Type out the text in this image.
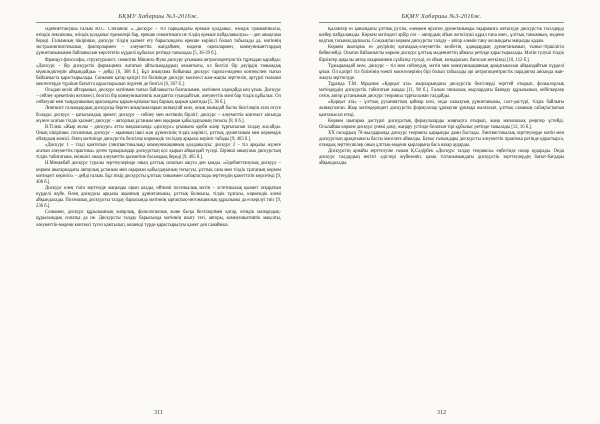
БҚМУ Хабаршы №3-2016ж.

Әдебиеттанушы ғалым Ю.С. Степанов: «...дискурс – тіл парқындағы ерекше қолданыс, өзіндік грамматикасы, өзіндік лексиконы, өзіндік қолданыс ережелері бар, ерекше семантикаға ие тілдің ерекше пайдаланылуы» – деп анықтама береді. Ғалымның пікірінше, дискурс тілдің қызмет ету барысындағы ерекше көрінісі болып табылады да, мәтіннің экстралингвистикалық факторлармен – әлеуметтік жағдаймен, мәдени оқиғалармен, коммуниканттардың дүниетанымымен байланысын көрсететін күрделі құбылыс ретінде танылады [5, 36-39 б.].

Француз философы, структуралист, семиотик Мишель Фуко дискурс ұғымына антропоцентристік тұрғыдан қарайды: «Дискурс – бір дискурстік формацияға жататын айтылымдардың жиынтығы, ол белгілі бір дәуірдің танымдық мүмкіндіктерін айқындайды» – дейді [6, 368 б.]. Бұл анықтама бойынша дискурс тарихи-мәдени контекспен тығыз байланыста қарастырылады. Сонымен қатар қазіргі тіл білімінде дискурс мәселесі жан-жақты зерттеліп, әртүрлі ғылыми мектептерде түрліше бағытта қарастырылып жүргені де белгілі [6, 367 б.].

Осыдан келіп айтарымыз, дискурс мәтінмен тығыз байланысты болғанымен, мәтіннен әлдеқайда кең ұғым. Дискурс – сөйлеу әрекетінің нәтижесі, белгілі бір коммуникативтік жағдаятта туындайтын, әлеуметтік мәні бар тілдік құбылыс. Ол сөйлеуші мен тыңдаушының арасындағы қарым-қатынастың барлық қырын қамтиды [5, 36 б.].

Лингвист ғалымдардың дискурсқа берген анықтамаларын жинақтай келе, оның мынадай басты белгілерін атап өтуге болады: дискурс – қатысымдық әрекет; дискурс – сөйлеу мен мәтіннің бірлігі; дискурс – әлеуметтік контекст аясында жүзеге асатын тілдік қызмет; дискурс – авторлық ұстаным мен оқырман қабылдауының тоғысы [8, 8 б.].

В.Тілеш «Жыр жолы – дискурс» атты мақаласында «дискурс» ұғымына әдеби жанр тұрғысынан талдау жасайды. Оның пікірінше, поэзиялық дискурс – ақынның ішкі жан дүниесінің тілдік көрінісі, ұлттық дүниетаным мен көркемдік ойлаудың жемісі. Өлең мәтінінде дискурстік белгілер көркемдік тәсілдер арқылы көрініс табады [9, 403 б.].

«Дискурс 1 – тілді қамтитын (лингвистикалық) коммуникацияның қолданылуы; дискурс 2 – тіл арқылы жүзеге асатын әлеуметтік практика» деген тұжырымдар дискурстың қос қырын айқындай түседі. Бірінші анықтама дискурстың тілдік табиғатына, екіншісі оның әлеуметтік қызметіне басымдық береді [9, 405 б.].

Н.Мөңкебай дискурс туралы зерттеулерінде оның ұлттық сипатын ашуға ден қояды. «Әдебиеттанулық дискурс – көркем шығармадағы авторлық ұстаным мен оқырман қабылдауының тоғысуы, ұлттық сана мен тілдік тұлғаның көркем мәтіндегі көрінісі» – дейді ғалым. Бұл пікір дискурсты ұлттық таныммен сабақтастыра зерттеудің қажеттігін көрсетеді [9, 406 б.].

Дискурс өлең тілін зерттеуде маңызды орын алады, өйткені поэтикалық мәтін – эстетикалық қызмет атқаратын күрделі жүйе. Өлең дискурсы арқылы ақынның дүниетанымы, ұлттық болмысы, тілдік тұлғасы, көркемдік әлемі айқындалады. Поэзиялық дискурсты талдау барысында мәтіннің ырғақтық-интонациялық құрылымы да ескерілуі тиіс [9, 236 б.].

Сонымен, дискурс құрылымның жанрлық, фонологиялық және басқа белгілерімен қатар, өзіндік мазмұндық-құрылымдық сипатқа да ие. Дискурсты талдау барысында мәтіннің шығу тегі, авторы, коммуникативтік мақсаты, әлеуметтік-мәдени контексі түгел қамтылып, кешенді түрде қарастырылуы қажет деп санаймыз.

311
БҚМУ Хабаршы №3-2016ж.

Қаламгер өз қанындағы ұлттық рухты, өлеңмен өрілген дүниетанымды оқырманға жеткізуде дискурстік тәсілдерді шебер пайдаланады. Көркем мәтіндегі әрбір сөз – автордың ойын жеткізуші құрал ғана емес, ұлттық танымның, мәдени кодтың тасымалдаушысы. Сондықтан көркем дискурсты талдау – автор әлемін тану жолындағы маңызды қадам.

Көркем шығарма өз дәуірінің қоғамдық-әлеуметтік келбетін, адамдардың дүниетанымын, тыныс-тіршілігін бейнелейді. Осыған байланысты көркем дискурс ұлттық мәдениеттің айнасы ретінде қарастырылады. Мәтін түзуші тілдік бірліктер арқылы автор оқырманмен сұхбатқа түседі, өз ойын, көзқарасын, бағасын жеткізеді [10, 112 б.].

Тұжырымдай келе, дискурс – тіл мен сөйлеудің, мәтін мен коммуникацияның арақатынасын айқындайтын күрделі ұғым. Ол қазіргі тіл білімінің өзекті мәселелерінің бірі болып табылады әрі антропоцентристік парадигма аясында жан-жақты зерттелуде.

Тұранда Т.М. Мұқанов «Қорқыт ата» жырларындағы дискурстік белгілерді зерттей отырып, фольклорлық мәтіндердің дискурстік табиғатын ашады [11, 98 б.]. Ғалым эпикалық жырлардағы баяндау құрылымын, кейіпкерлер сөзін, автор ұстанымын дискурс теориясы тұрғысынан талдайды.

«Қорқыт ата» – ұлттық руханияттың қайнар көзі, онда халықтың дүниетанымы, салт-дәстүрі, тілдік байлығы жинақталған. Жыр мәтіндеріндегі дискурстік формулалар ұрпақтан ұрпаққа жалғасып, ұлттық сананың сабақтастығын қамтамасыз етеді.

Көркем шығарма дәстүрлі дискурстық формулаларды жаңғырта отырып, жаңа мағыналық реңктер үстейді. Осылайша көркем дискурс үнемі даму, жаңару үстінде болатын тірі құбылыс ретінде танылады [12, 16 б.].

ХХ ғасырдың 70-жылдарында дискурс теориясы қарқынды дами бастады. Лингвистикалық зерттеулерде мәтін мен дискурстың арақатынасы басты мәселеге айналды. Батыс ғалымдары дискурсты әлеуметтік практика ретінде қарастырса, отандық зерттеушілер оның ұлттық-мәдени қырларына баса назар аударды.

Дискурстің арнайы зерттелуіне ғалым Қ.Сәдірбек «Дискурс талдау теориясы» еңбегінде назар аударады. Онда дискурс талдаудың негізгі әдістері жүйеленіп, қазақ тілтанымындағы дискурстік зерттеулердің бағыт-бағдары айқындалады.

312
